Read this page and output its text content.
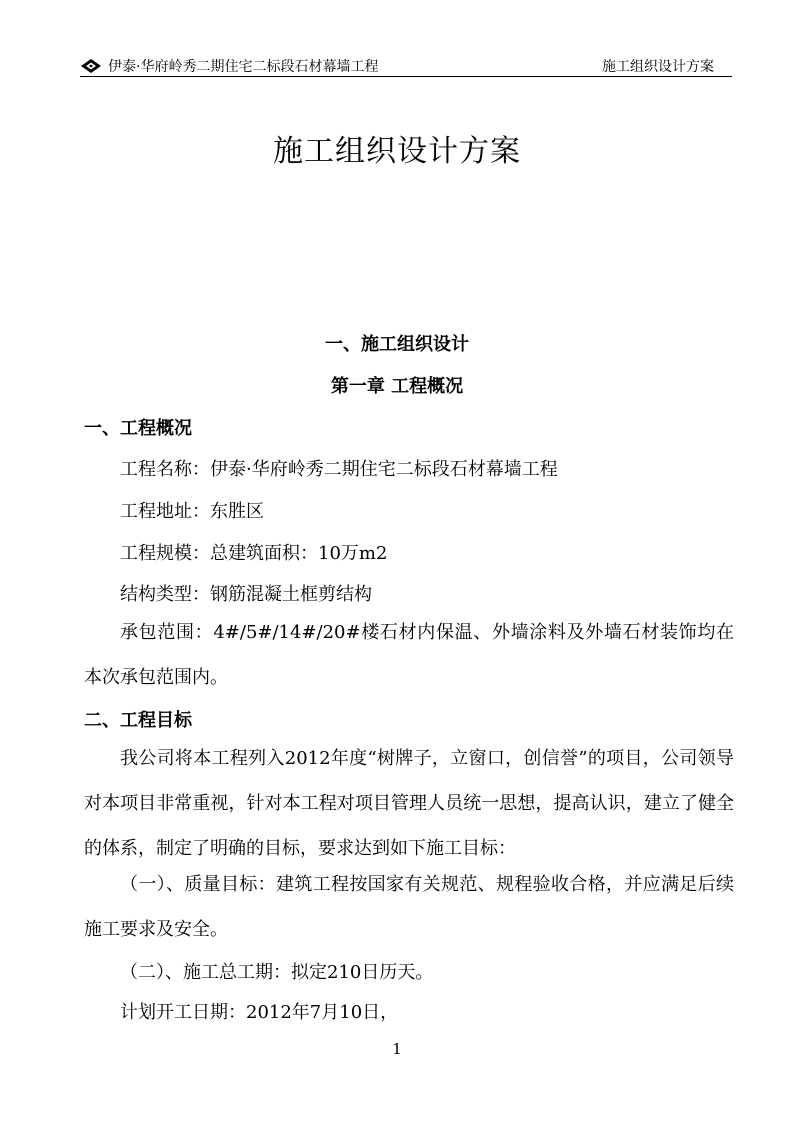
伊泰·华府岭秀二期住宅二标段石材幕墙工程	施工组织设计方案
施工组织设计方案
一、施工组织设计
第一章 工程概况
一、工程概况
工程名称：伊泰·华府岭秀二期住宅二标段石材幕墙工程
工程地址：东胜区
工程规模：总建筑面积：10万m2
结构类型：钢筋混凝土框剪结构
承包范围：4#/5#/14#/20#楼石材内保温、外墙涂料及外墙石材装饰均在本次承包范围内。
二、工程目标
我公司将本工程列入2012年度“树牌子，立窗口，创信誉”的项目，公司领导对本项目非常重视，针对本工程对项目管理人员统一思想，提高认识，建立了健全的体系，制定了明确的目标，要求达到如下施工目标：
（一）、质量目标：建筑工程按国家有关规范、规程验收合格，并应满足后续施工要求及安全。
（二）、施工总工期：拟定210日历天。
计划开工日期：2012年7月10日，
1
